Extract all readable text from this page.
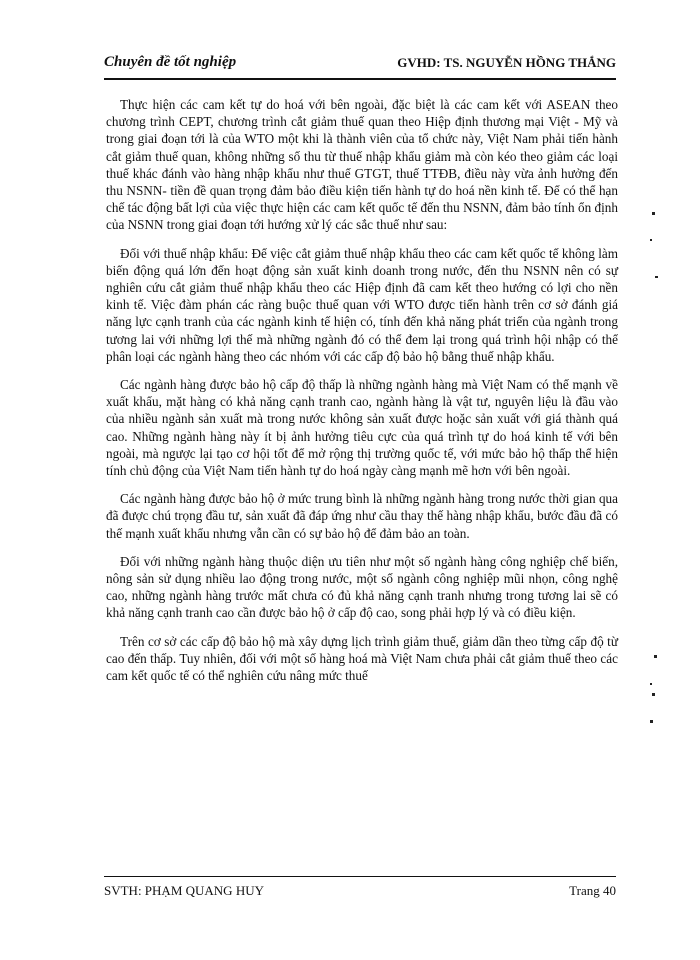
Chuyên đề tốt nghiệp	GVHD: TS. NGUYỄN HỒNG THẮNG

Thực hiện các cam kết tự do hoá với bên ngoài, đặc biệt là các cam kết với ASEAN theo chương trình CEPT, chương trình cắt giảm thuế quan theo Hiệp định thương mại Việt - Mỹ và trong giai đoạn tới là của WTO một khi là thành viên của tổ chức này, Việt Nam phải tiến hành cắt giảm thuế quan, không những số thu từ thuế nhập khẩu giảm mà còn kéo theo giảm các loại thuế khác đánh vào hàng nhập khẩu như thuế GTGT, thuế TTĐB, điều này vừa ảnh hưởng đến thu NSNN- tiền đề quan trọng đảm bảo điều kiện tiến hành tự do hoá nền kinh tế. Để có thể hạn chế tác động bất lợi của việc thực hiện các cam kết quốc tế đến thu NSNN, đảm bảo tính ổn định của NSNN trong giai đoạn tới hướng xử lý các sắc thuế như sau:

Đối với thuế nhập khẩu: Để việc cắt giảm thuế nhập khẩu theo các cam kết quốc tế không làm biến động quá lớn đến hoạt động sản xuất kinh doanh trong nước, đến thu NSNN nên có sự nghiên cứu cắt giảm thuế nhập khẩu theo các Hiệp định đã cam kết theo hướng có lợi cho nền kinh tế. Việc đàm phán các ràng buộc thuế quan với WTO được tiến hành trên cơ sở đánh giá năng lực cạnh tranh của các ngành kinh tế hiện có, tính đến khả năng phát triển của ngành trong tương lai với những lợi thế mà những ngành đó có thể đem lại trong quá trình hội nhập có thể phân loại các ngành hàng theo các nhóm với các cấp độ bảo hộ bằng thuế nhập khẩu.

Các ngành hàng được bảo hộ cấp độ thấp là những ngành hàng mà Việt Nam có thế mạnh về xuất khẩu, mặt hàng có khả năng cạnh tranh cao, ngành hàng là vật tư, nguyên liệu là đầu vào của nhiều ngành sản xuất mà trong nước không sản xuất được hoặc sản xuất với giá thành quá cao. Những ngành hàng này ít bị ảnh hưởng tiêu cực của quá trình tự do hoá kinh tế với bên ngoài, mà ngược lại tạo cơ hội tốt để mở rộng thị trường quốc tế, với mức bảo hộ thấp thể hiện tính chủ động của Việt Nam tiến hành tự do hoá ngày càng mạnh mẽ hơn với bên ngoài.

Các ngành hàng được bảo hộ ở mức trung bình là những ngành hàng trong nước thời gian qua đã được chú trọng đầu tư, sản xuất đã đáp ứng như cầu thay thế hàng nhập khẩu, bước đầu đã có thế mạnh xuất khẩu nhưng vẫn cần có sự bảo hộ để đảm bảo an toàn.

Đối với những ngành hàng thuộc diện ưu tiên như một số ngành hàng công nghiệp chế biến, nông sản sử dụng nhiều lao động trong nước, một số ngành công nghiệp mũi nhọn, công nghệ cao, những ngành hàng trước mất chưa có đủ khả năng cạnh tranh nhưng trong tương lai sẽ có khả năng cạnh tranh cao cần được bảo hộ ở cấp độ cao, song phải hợp lý và có điều kiện.

Trên cơ sở các cấp độ bảo hộ mà xây dựng lịch trình giảm thuế, giảm dần theo từng cấp độ từ cao đến thấp. Tuy nhiên, đối với một số hàng hoá mà Việt Nam chưa phải cắt giảm thuế theo các cam kết quốc tế có thể nghiên cứu nâng mức thuế

SVTH: PHẠM QUANG HUY	Trang 40
